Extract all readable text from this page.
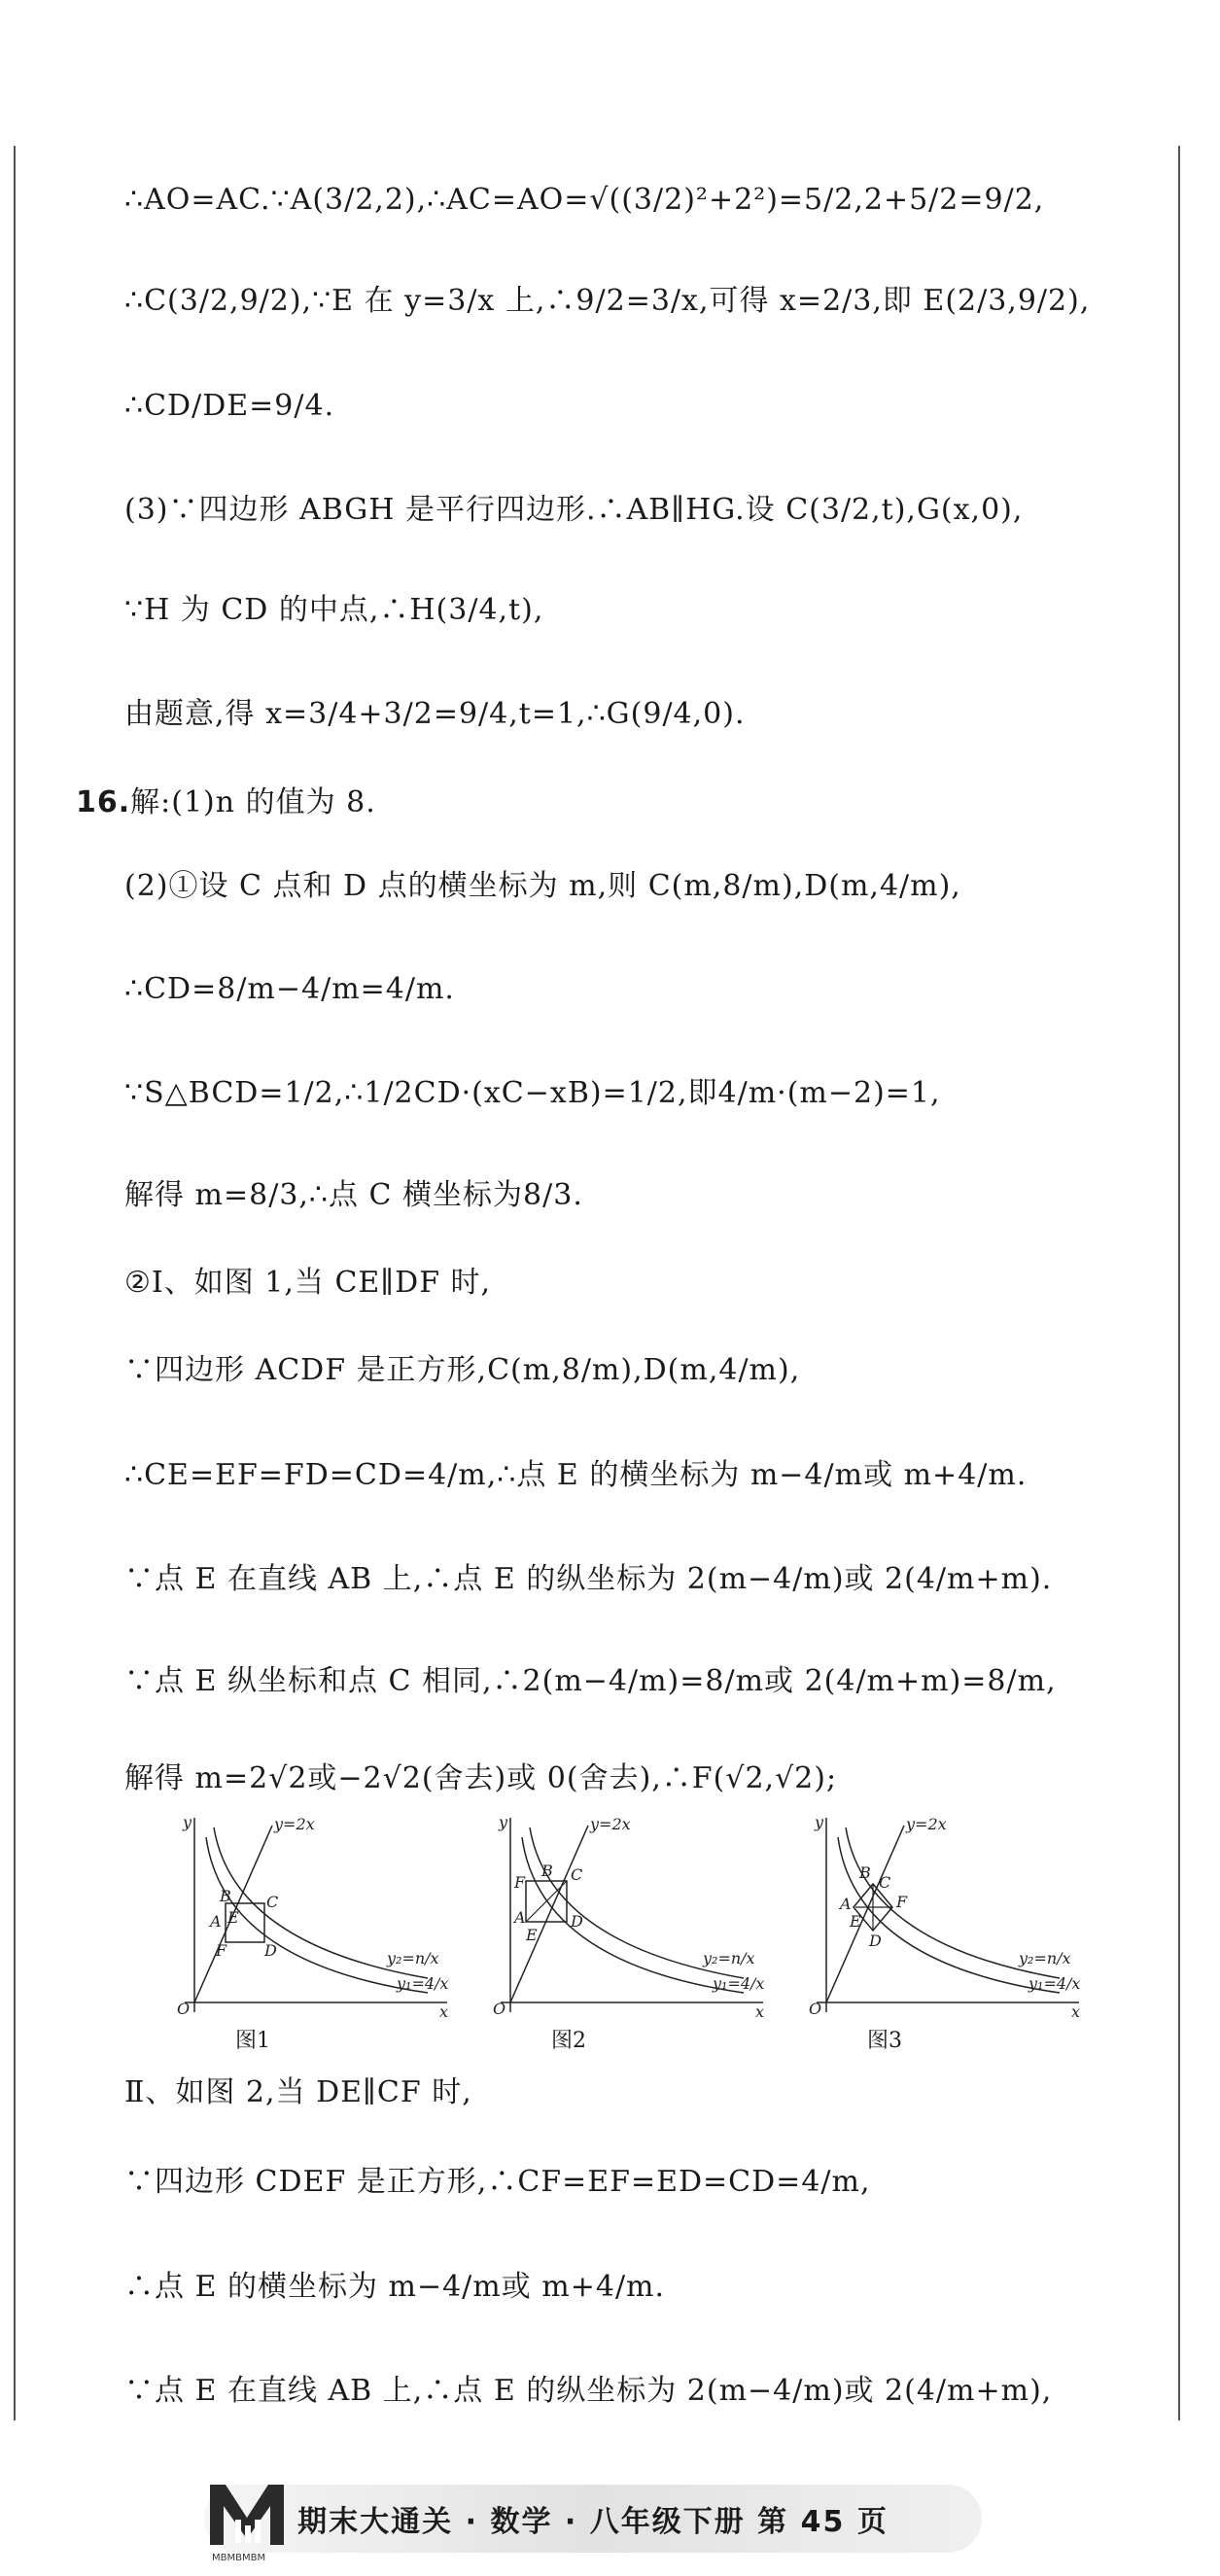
∴AO=AC.∵A(3/2,2),∴AC=AO=√((3/2)²+2²)=5/2,2+5/2=9/2,
∴C(3/2,9/2),∵E 在 y=3/x 上,∴9/2=3/x,可得 x=2/3,即 E(2/3,9/2),
∴CD/DE=9/4.
(3)∵四边形 ABGH 是平行四边形.∴AB∥HG.设 C(3/2,t),G(x,0),
∵H 为 CD 的中点,∴H(3/4,t),
由题意,得 x=3/4+3/2=9/4,t=1,∴G(9/4,0).
16.解:(1)n 的值为 8.
(2)①设 C 点和 D 点的横坐标为 m,则 C(m,8/m),D(m,4/m),
∴CD=8/m−4/m=4/m.
∵S△BCD=1/2,∴1/2CD·(xC−xB)=1/2,即4/m·(m−2)=1,
解得 m=8/3,∴点 C 横坐标为8/3.
②Ⅰ、如图 1,当 CE∥DF 时,
∵四边形 ACDF 是正方形,C(m,8/m),D(m,4/m),
∴CE=EF=FD=CD=4/m,∴点 E 的横坐标为 m−4/m或 m+4/m.
∵点 E 在直线 AB 上,∴点 E 的纵坐标为 2(m−4/m)或 2(4/m+m).
∵点 E 纵坐标和点 C 相同,∴2(m−4/m)=8/m或 2(4/m+m)=8/m,
解得 m=2√2或−2√2(舍去)或 0(舍去),∴F(√2,√2);
x
y
O
y=2x
y₂=n/x
y₁=4/x
B
A
C
D
E
F
图1
x
y
O
y=2x
y₂=n/x
y₁=4/x
F
B C
A	D
E
图2
x
y
O
y=2x
y₂=n/x
y₁=4/x
B
C
A	F
E
D
图3
Ⅱ、如图 2,当 DE∥CF 时,
∵四边形 CDEF 是正方形,∴CF=EF=ED=CD=4/m,
∴点 E 的横坐标为 m−4/m或 m+4/m.
∵点 E 在直线 AB 上,∴点 E 的纵坐标为 2(m−4/m)或 2(4/m+m),
期末大通关 · 数学 · 八年级下册 第 45 页
MBMBMBM
